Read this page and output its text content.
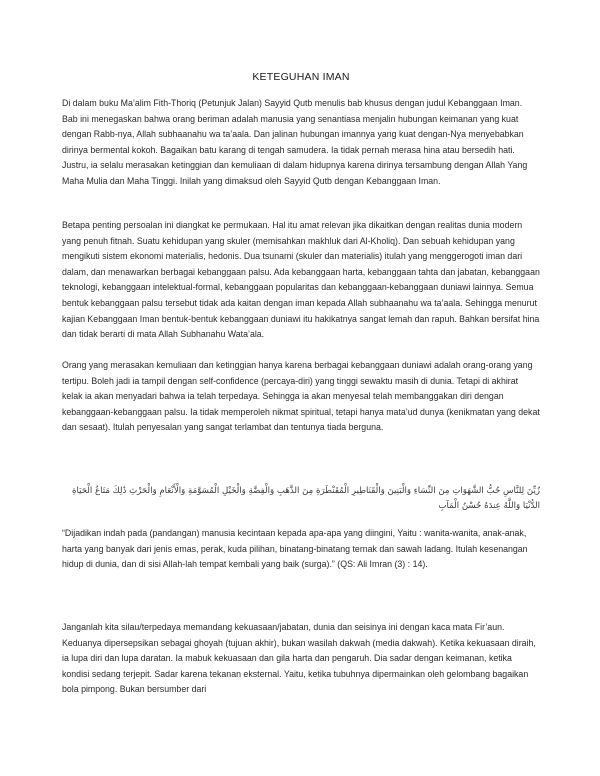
KETEGUHAN IMAN

Di dalam buku Ma’alim Fith-Thoriq (Petunjuk Jalan) Sayyid Qutb menulis bab khusus dengan judul Kebanggaan Iman. Bab ini menegaskan bahwa orang beriman adalah manusia yang senantiasa menjalin hubungan keimanan yang kuat dengan Rabb-nya, Allah subhaanahu wa ta’aala. Dan jalinan hubungan imannya yang kuat dengan-Nya menyebabkan dirinya bermental kokoh. Bagaikan batu karang di tengah samudera. Ia tidak pernah merasa hina atau bersedih hati. Justru, ia selalu merasakan ketinggian dan kemuliaan di dalam hidupnya karena dirinya tersambung dengan Allah Yang Maha Mulia dan Maha Tinggi. Inilah yang dimaksud oleh Sayyid Qutb dengan Kebanggaan Iman.

Betapa penting persoalan ini diangkat ke permukaan. Hal itu amat relevan jika dikaitkan dengan realitas dunia modern yang penuh fitnah. Suatu kehidupan yang skuler (memisahkan makhluk dari Al-Kholiq). Dan sebuah kehidupan yang mengikuti sistem ekonomi materialis, hedonis. Dua tsunami (skuler dan materialis) itulah yang menggerogoti iman dari dalam, dan menawarkan berbagai kebanggaan palsu. Ada kebanggaan harta, kebanggaan tahta dan jabatan, kebanggaan teknologi, kebanggaan intelektual-formal, kebanggaan popularitas dan kebanggaan-kebanggaan duniawi lainnya. Semua bentuk kebanggaan palsu tersebut tidak ada kaitan dengan iman kepada Allah subhaanahu wa ta’aala. Sehingga menurut kajian Kebanggaan Iman bentuk-bentuk kebanggaan duniawi itu hakikatnya sangat lemah dan rapuh. Bahkan bersifat hina dan tidak berarti di mata Allah Subhanahu Wata’ala.

Orang yang merasakan kemuliaan dan ketinggian hanya karena berbagai kebanggaan duniawi adalah orang-orang yang tertipu. Boleh jadi ia tampil dengan self-confidence (percaya-diri) yang tinggi sewaktu masih di dunia. Tetapi di akhirat kelak ia akan menyadari bahwa ia telah terpedaya. Sehingga ia akan menyesal telah membanggakan diri dengan kebanggaan-kebanggaan palsu. Ia tidak memperoleh nikmat spiritual, tetapi hanya mata’ud dunya (kenikmatan yang dekat dan sesaat). Itulah penyesalan yang sangat terlambat dan tentunya tiada berguna.

زُيِّنَ لِلنَّاسِ حُبُّ الشَّهَوَاتِ مِنَ النِّسَاءِ وَالْبَنِينَ وَالْقَنَاطِيرِ الْمُقَنْطَرَةِ مِنَ الذَّهَبِ وَالْفِضَّةِ وَالْخَيْلِ الْمُسَوَّمَةِ وَالْأَنْعَامِ وَالْحَرْثِ ذَٰلِكَ مَتَاعُ الْحَيَاةِ الدُّنْيَا وَاللَّهُ عِندَهُ حُسْنُ الْمَآبِ

“Dijadikan indah pada (pandangan) manusia kecintaan kepada apa-apa yang diingini, Yaitu : wanita-wanita, anak-anak, harta yang banyak dari jenis emas, perak, kuda pilihan, binatang-binatang ternak dan sawah ladang. Itulah kesenangan hidup di dunia, dan di sisi Allah-lah tempat kembali yang baik (surga).” (QS: Ali Imran (3) : 14).

Janganlah kita silau/terpedaya memandang kekuasaan/jabatan, dunia dan seisinya ini dengan kaca mata Fir’aun. Keduanya dipersepsikan sebagai ghoyah (tujuan akhir), bukan wasilah dakwah (media dakwah). Ketika kekuasaan diraih, ia lupa diri dan lupa daratan. Ia mabuk kekuasaan dan gila harta dan pengaruh. Dia sadar dengan keimanan, ketika kondisi sedang terjepit. Sadar karena tekanan eksternal. Yaitu, ketika tubuhnya dipermainkan oleh gelombang bagaikan bola pimpong. Bukan bersumber dari
